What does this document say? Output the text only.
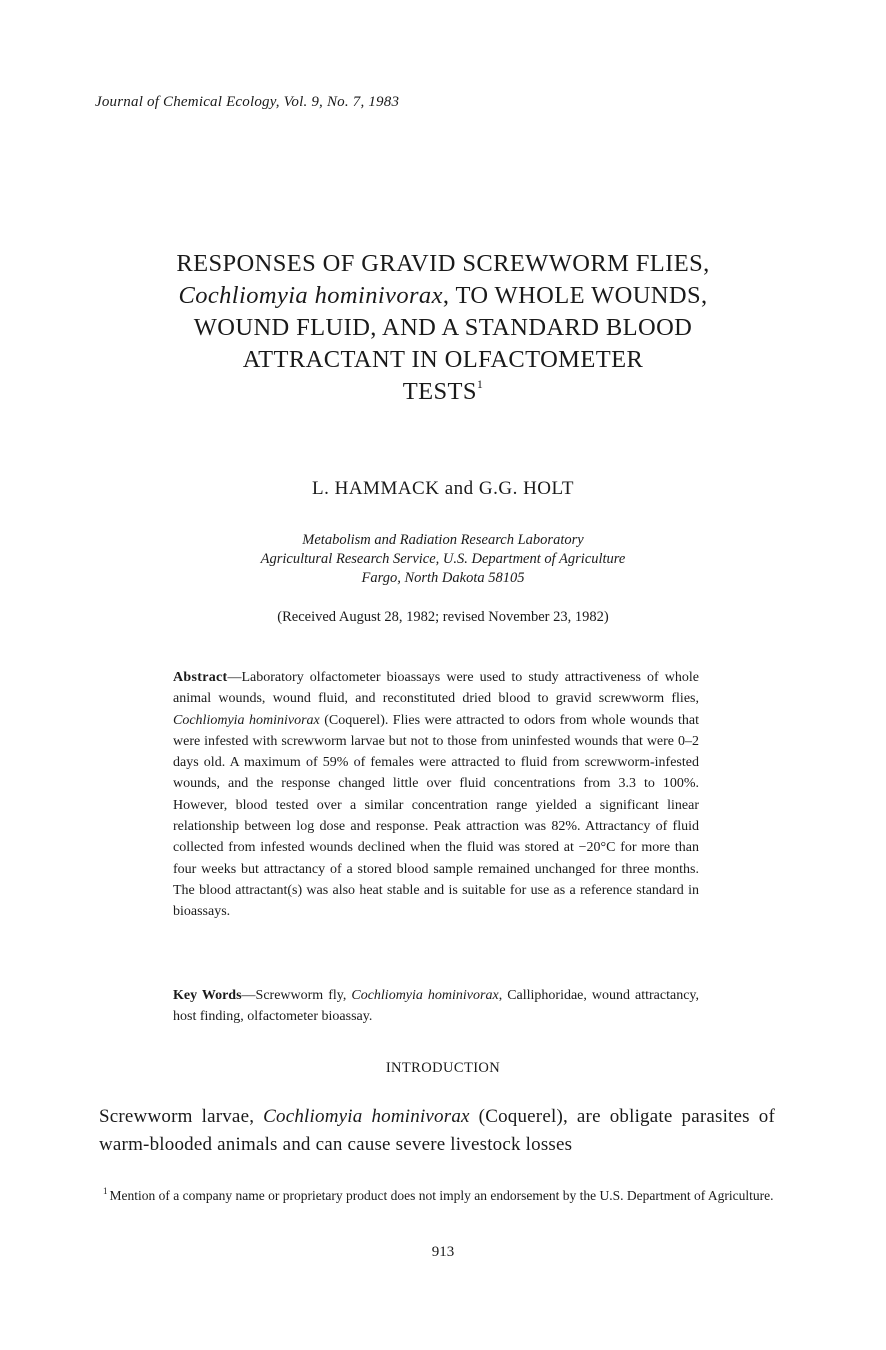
Journal of Chemical Ecology, Vol. 9, No. 7, 1983
RESPONSES OF GRAVID SCREWWORM FLIES,
Cochliomyia hominivorax, TO WHOLE WOUNDS,
WOUND FLUID, AND A STANDARD BLOOD
ATTRACTANT IN OLFACTOMETER
TESTS$^1$
L. HAMMACK and G.G. HOLT
Metabolism and Radiation Research Laboratory
Agricultural Research Service, U.S. Department of Agriculture
Fargo, North Dakota 58105
(Received August 28, 1982; revised November 23, 1982)
Abstract—Laboratory olfactometer bioassays were used to study attractiveness of whole animal wounds, wound fluid, and reconstituted dried blood to gravid screwworm flies, Cochliomyia hominivorax (Coquerel). Flies were attracted to odors from whole wounds that were infested with screwworm larvae but not to those from uninfested wounds that were 0–2 days old. A maximum of 59% of females were attracted to fluid from screwworm-infested wounds, and the response changed little over fluid concentrations from 3.3 to 100%. However, blood tested over a similar concentration range yielded a significant linear relationship between log dose and response. Peak attraction was 82%. Attractancy of fluid collected from infested wounds declined when the fluid was stored at −20°C for more than four weeks but attractancy of a stored blood sample remained unchanged for three months. The blood attractant(s) was also heat stable and is suitable for use as a reference standard in bioassays.
Key Words—Screwworm fly, Cochliomyia hominivorax, Calliphoridae, wound attractancy, host finding, olfactometer bioassay.
INTRODUCTION
Screwworm larvae, Cochliomyia hominivorax (Coquerel), are obligate parasites of warm-blooded animals and can cause severe livestock losses
$^1$ Mention of a company name or proprietary product does not imply an endorsement by the U.S. Department of Agriculture.
913
